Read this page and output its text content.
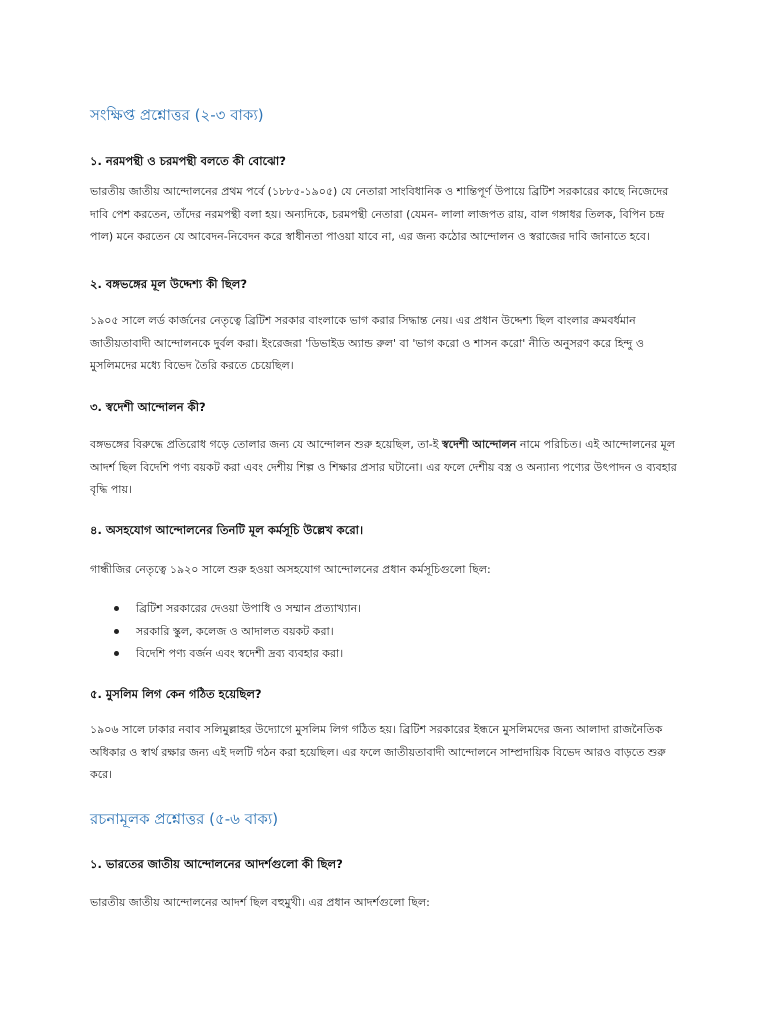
সংক্ষিপ্ত প্রশ্নোত্তর (২-৩ বাক্য)
১. নরমপন্থী ও চরমপন্থী বলতে কী বোঝো?

ভারতীয় জাতীয় আন্দোলনের প্রথম পর্বে (১৮৮৫-১৯০৫) যে নেতারা সাংবিধানিক ও শান্তিপূর্ণ উপায়ে ব্রিটিশ সরকারের কাছে নিজেদের দাবি পেশ করতেন, তাঁদের নরমপন্থী বলা হয়। অন্যদিকে, চরমপন্থী নেতারা (যেমন- লালা লাজপত রায়, বাল গঙ্গাধর তিলক, বিপিন চন্দ্র পাল) মনে করতেন যে আবেদন-নিবেদন করে স্বাধীনতা পাওয়া যাবে না, এর জন্য কঠোর আন্দোলন ও স্বরাজের দাবি জানাতে হবে।

২. বঙ্গভঙ্গের মূল উদ্দেশ্য কী ছিল?

১৯০৫ সালে লর্ড কার্জনের নেতৃত্বে ব্রিটিশ সরকার বাংলাকে ভাগ করার সিদ্ধান্ত নেয়। এর প্রধান উদ্দেশ্য ছিল বাংলার ক্রমবর্ধমান জাতীয়তাবাদী আন্দোলনকে দুর্বল করা। ইংরেজরা 'ডিভাইড অ্যান্ড রুল' বা 'ভাগ করো ও শাসন করো' নীতি অনুসরণ করে হিন্দু ও মুসলিমদের মধ্যে বিভেদ তৈরি করতে চেয়েছিল।

৩. স্বদেশী আন্দোলন কী?

বঙ্গভঙ্গের বিরুদ্ধে প্রতিরোধ গড়ে তোলার জন্য যে আন্দোলন শুরু হয়েছিল, তা-ই স্বদেশী আন্দোলন নামে পরিচিত। এই আন্দোলনের মূল আদর্শ ছিল বিদেশি পণ্য বয়কট করা এবং দেশীয় শিল্প ও শিক্ষার প্রসার ঘটানো। এর ফলে দেশীয় বস্ত্র ও অন্যান্য পণ্যের উৎপাদন ও ব্যবহার বৃদ্ধি পায়।

৪. অসহযোগ আন্দোলনের তিনটি মূল কর্মসূচি উল্লেখ করো।

গান্ধীজির নেতৃত্বে ১৯২০ সালে শুরু হওয়া অসহযোগ আন্দোলনের প্রধান কর্মসূচিগুলো ছিল:

ব্রিটিশ সরকারের দেওয়া উপাধি ও সম্মান প্রত্যাখ্যান।
সরকারি স্কুল, কলেজ ও আদালত বয়কট করা।
বিদেশি পণ্য বর্জন এবং স্বদেশী দ্রব্য ব্যবহার করা।
৫. মুসলিম লিগ কেন গঠিত হয়েছিল?

১৯০৬ সালে ঢাকার নবাব সলিমুল্লাহর উদ্যোগে মুসলিম লিগ গঠিত হয়। ব্রিটিশ সরকারের ইন্ধনে মুসলিমদের জন্য আলাদা রাজনৈতিক অধিকার ও স্বার্থ রক্ষার জন্য এই দলটি গঠন করা হয়েছিল। এর ফলে জাতীয়তাবাদী আন্দোলনে সাম্প্রদায়িক বিভেদ আরও বাড়তে শুরু করে।

রচনামূলক প্রশ্নোত্তর (৫-৬ বাক্য)
১. ভারতের জাতীয় আন্দোলনের আদর্শগুলো কী ছিল?

ভারতীয় জাতীয় আন্দোলনের আদর্শ ছিল বহুমুখী। এর প্রধান আদর্শগুলো ছিল:
